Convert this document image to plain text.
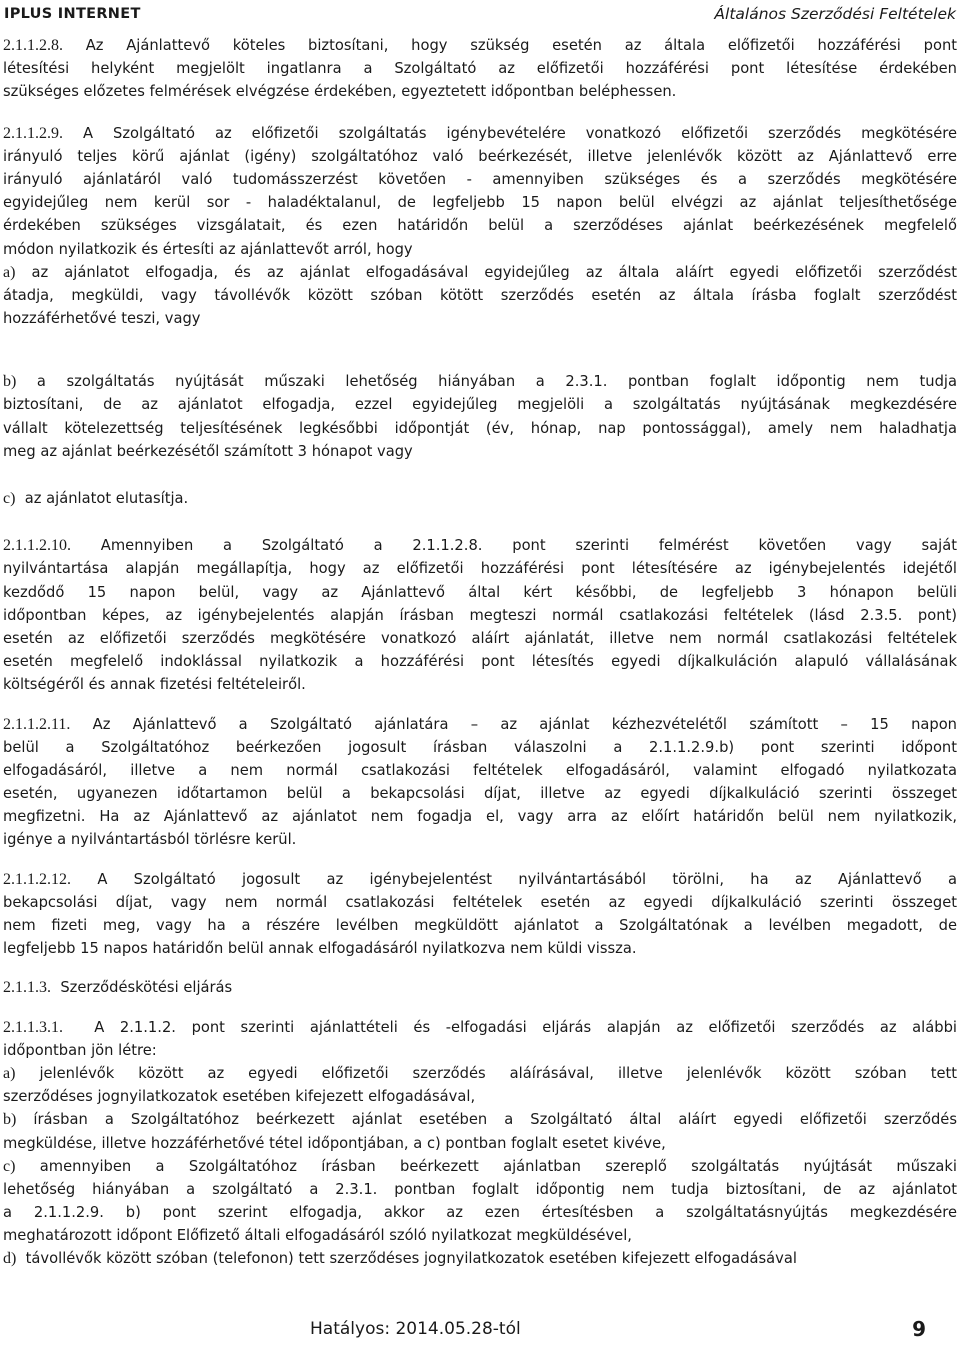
IPLUS INTERNET	Általános Szerződési Feltételek
2.1.1.2.8. Az Ajánlattevő köteles biztosítani, hogy szükség esetén az általa előfizetői hozzáférési pont
létesítési helyként megjelölt ingatlanra a Szolgáltató az előfizetői hozzáférési pont létesítése érdekében
szükséges előzetes felmérések elvégzése érdekében, egyeztetett időpontban beléphessen.
2.1.1.2.9. A Szolgáltató az előfizetői szolgáltatás igénybevételére vonatkozó előfizetői szerződés megkötésére
irányuló teljes körű ajánlat (igény) szolgáltatóhoz való beérkezését, illetve jelenlévők között az Ajánlattevő erre
irányuló ajánlatáról való tudomásszerzést követően - amennyiben szükséges és a szerződés megkötésére
egyidejűleg nem kerül sor - haladéktalanul, de legfeljebb 15 napon belül elvégzi az ajánlat teljesíthetősége
érdekében szükséges vizsgálatait, és ezen határidőn belül a szerződéses ajánlat beérkezésének megfelelő
módon nyilatkozik és értesíti az ajánlattevőt arról, hogy
a) az ajánlatot elfogadja, és az ajánlat elfogadásával egyidejűleg az általa aláírt egyedi előfizetői szerződést
átadja, megküldi, vagy távollévők között szóban kötött szerződés esetén az általa írásba foglalt szerződést
hozzáférhetővé teszi, vagy
b) a szolgáltatás nyújtását műszaki lehetőség hiányában a 2.3.1. pontban foglalt időpontig nem tudja
biztosítani, de az ajánlatot elfogadja, ezzel egyidejűleg megjelöli a szolgáltatás nyújtásának megkezdésére
vállalt kötelezettség teljesítésének legkésőbbi időpontját (év, hónap, nap pontossággal), amely nem haladhatja
meg az ajánlat beérkezésétől számított 3 hónapot vagy
c) az ajánlatot elutasítja.
2.1.1.2.10. Amennyiben a Szolgáltató a 2.1.1.2.8. pont szerinti felmérést követően vagy saját
nyilvántartása alapján megállapítja, hogy az előfizetői hozzáférési pont létesítésére az igénybejelentés idejétől
kezdődő 15 napon belül, vagy az Ajánlattevő által kért későbbi, de legfeljebb 3 hónapon belüli
időpontban képes, az igénybejelentés alapján írásban megteszi normál csatlakozási feltételek (lásd 2.3.5. pont)
esetén az előfizetői szerződés megkötésére vonatkozó aláírt ajánlatát, illetve nem normál csatlakozási feltételek
esetén megfelelő indoklással nyilatkozik a hozzáférési pont létesítés egyedi díjkalkuláción alapuló vállalásának
költségéről és annak fizetési feltételeiről.
2.1.1.2.11. Az Ajánlattevő a Szolgáltató ajánlatára – az ajánlat kézhezvételétől számított – 15 napon
belül a Szolgáltatóhoz beérkezően jogosult írásban válaszolni a 2.1.1.2.9.b) pont szerinti időpont
elfogadásáról, illetve a nem normál csatlakozási feltételek elfogadásáról, valamint elfogadó nyilatkozata
esetén, ugyanezen időtartamon belül a bekapcsolási díjat, illetve az egyedi díjkalkuláció szerinti összeget
megfizetni. Ha az Ajánlattevő az ajánlatot nem fogadja el, vagy arra az előírt határidőn belül nem nyilatkozik,
igénye a nyilvántartásból törlésre kerül.
2.1.1.2.12. A Szolgáltató jogosult az igénybejelentést nyilvántartásából törölni, ha az Ajánlattevő a
bekapcsolási díjat, vagy nem normál csatlakozási feltételek esetén az egyedi díjkalkuláció szerinti összeget
nem fizeti meg, vagy ha a részére levélben megküldött ajánlatot a Szolgáltatónak a levélben megadott, de
legfeljebb 15 napos határidőn belül annak elfogadásáról nyilatkozva nem küldi vissza.
2.1.1.3. Szerződéskötési eljárás
2.1.1.3.1. A 2.1.1.2. pont szerinti ajánlattételi és -elfogadási eljárás alapján az előfizetői szerződés az alábbi
időpontban jön létre:
a) jelenlévők között az egyedi előfizetői szerződés aláírásával, illetve jelenlévők között szóban tett
szerződéses jognyilatkozatok esetében kifejezett elfogadásával,
b) írásban a Szolgáltatóhoz beérkezett ajánlat esetében a Szolgáltató által aláírt egyedi előfizetői szerződés
megküldése, illetve hozzáférhetővé tétel időpontjában, a c) pontban foglalt esetet kivéve,
c) amennyiben a Szolgáltatóhoz írásban beérkezett ajánlatban szereplő szolgáltatás nyújtását műszaki
lehetőség hiányában a szolgáltató a 2.3.1. pontban foglalt időpontig nem tudja biztosítani, de az ajánlatot
a 2.1.1.2.9. b) pont szerint elfogadja, akkor az ezen értesítésben a szolgáltatásnyújtás megkezdésére
meghatározott időpont Előfizető általi elfogadásáról szóló nyilatkozat megküldésével,
d) távollévők között szóban (telefonon) tett szerződéses jognyilatkozatok esetében kifejezett elfogadásával
Hatályos: 2014.05.28-tól	9
